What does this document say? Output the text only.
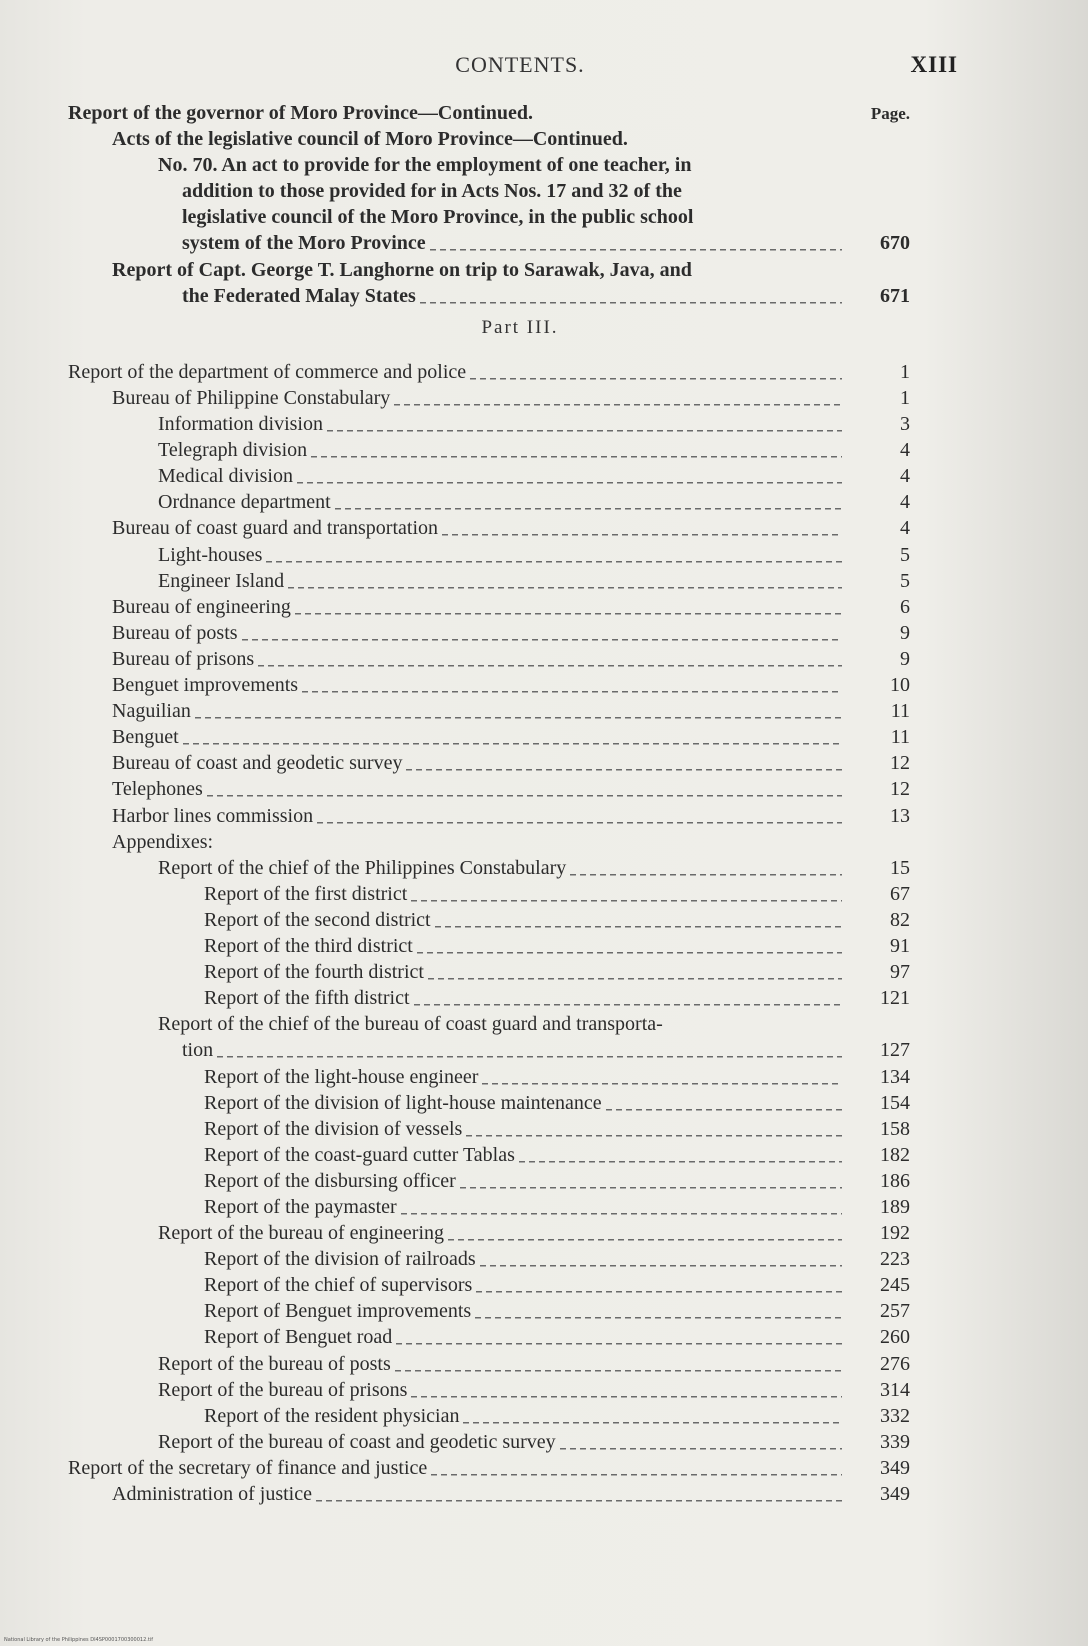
CONTENTS.	XIII
National Library of the Philippines DI4SP0001700300012.tif
Report of the governor of Moro Province—Continued.	Page.
Acts of the legislative council of Moro Province—Continued.
No. 70. An act to provide for the employment of one teacher, in
addition to those provided for in Acts Nos. 17 and 32 of the
legislative council of the Moro Province, in the public school
system of the Moro Province	670
Report of Capt. George T. Langhorne on trip to Sarawak, Java, and
the Federated Malay States	671
Part III.
Report of the department of commerce and police	1
Bureau of Philippine Constabulary	1
Information division	3
Telegraph division	4
Medical division	4
Ordnance department	4
Bureau of coast guard and transportation	4
Light-houses	5
Engineer Island	5
Bureau of engineering	6
Bureau of posts	9
Bureau of prisons	9
Benguet improvements	10
Naguilian	11
Benguet	11
Bureau of coast and geodetic survey	12
Telephones	12
Harbor lines commission	13
Appendixes:
Report of the chief of the Philippines Constabulary	15
Report of the first district	67
Report of the second district	82
Report of the third district	91
Report of the fourth district	97
Report of the fifth district	121
Report of the chief of the bureau of coast guard and transporta-
tion	127
Report of the light-house engineer	134
Report of the division of light-house maintenance	154
Report of the division of vessels	158
Report of the coast-guard cutter Tablas	182
Report of the disbursing officer	186
Report of the paymaster	189
Report of the bureau of engineering	192
Report of the division of railroads	223
Report of the chief of supervisors	245
Report of Benguet improvements	257
Report of Benguet road	260
Report of the bureau of posts	276
Report of the bureau of prisons	314
Report of the resident physician	332
Report of the bureau of coast and geodetic survey	339
Report of the secretary of finance and justice	349
Administration of justice	349
